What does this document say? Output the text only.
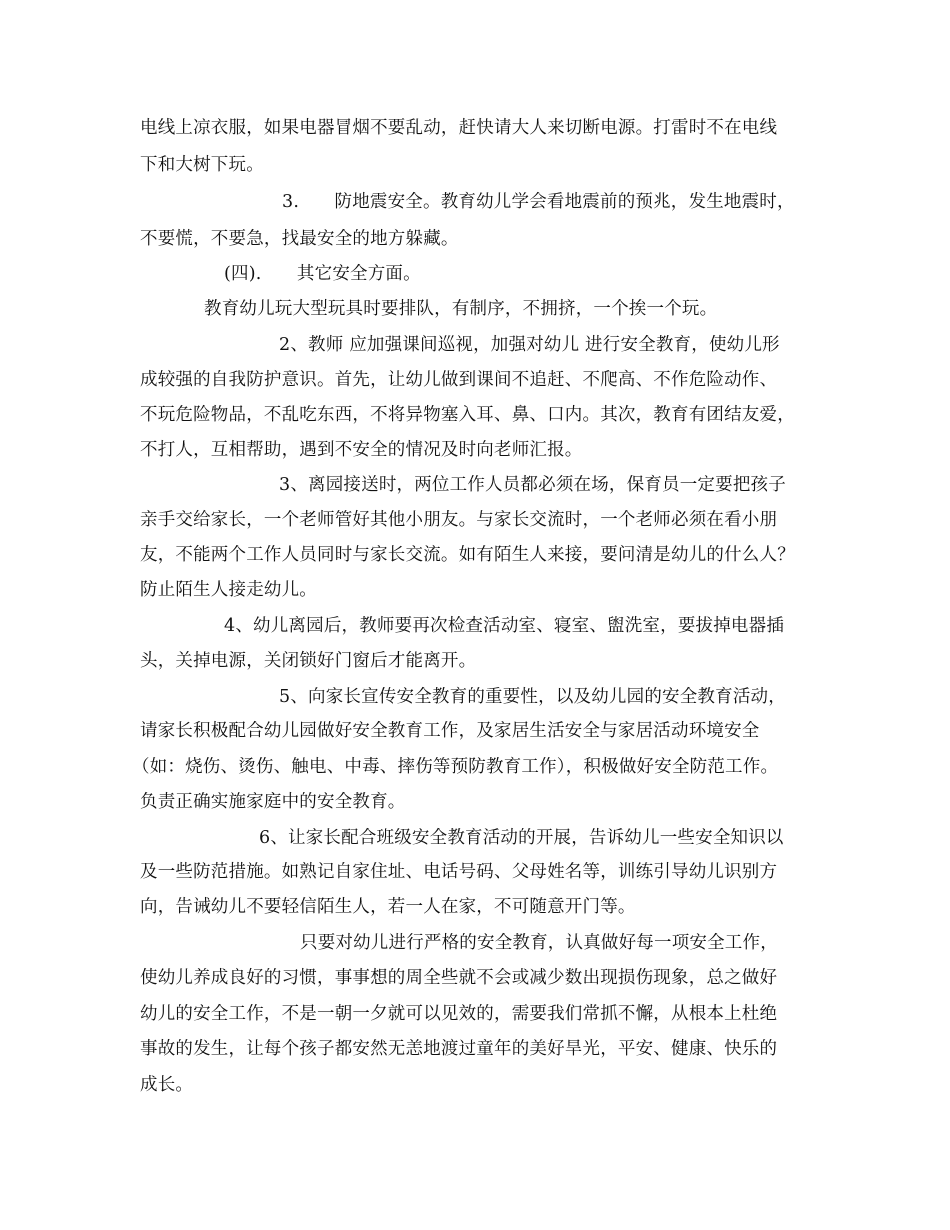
电线上凉衣服，如果电器冒烟不要乱动，赶快请大人来切断电源。打雷时不在电线
下和大树下玩。
3.　　防地震安全。教育幼儿学会看地震前的预兆，发生地震时，
不要慌，不要急，找最安全的地方躲藏。
(四).　　其它安全方面。
教育幼儿玩大型玩具时要排队，有制序，不拥挤，一个挨一个玩。
2、教师 应加强课间巡视，加强对幼儿 进行安全教育，使幼儿形
成较强的自我防护意识。首先，让幼儿做到课间不追赶、不爬高、不作危险动作、
不玩危险物品，不乱吃东西，不将异物塞入耳、鼻、口内。其次，教育有团结友爱，
不打人，互相帮助，遇到不安全的情况及时向老师汇报。
3、离园接送时，两位工作人员都必须在场，保育员一定要把孩子
亲手交给家长，一个老师管好其他小朋友。与家长交流时，一个老师必须在看小朋
友，不能两个工作人员同时与家长交流。如有陌生人来接，要问清是幼儿的什么人？
防止陌生人接走幼儿。
4、幼儿离园后，教师要再次检查活动室、寝室、盥洗室，要拔掉电器插
头，关掉电源，关闭锁好门窗后才能离开。
5、向家长宣传安全教育的重要性，以及幼儿园的安全教育活动，
请家长积极配合幼儿园做好安全教育工作，及家居生活安全与家居活动环境安全
（如：烧伤、烫伤、触电、中毒、摔伤等预防教育工作），积极做好安全防范工作。
负责正确实施家庭中的安全教育。
6、让家长配合班级安全教育活动的开展，告诉幼儿一些安全知识以
及一些防范措施。如熟记自家住址、电话号码、父母姓名等，训练引导幼儿识别方
向，告诫幼儿不要轻信陌生人，若一人在家，不可随意开门等。
只要对幼儿进行严格的安全教育，认真做好每一项安全工作，
使幼儿养成良好的习惯，事事想的周全些就不会或减少数出现损伤现象，总之做好
幼儿的安全工作，不是一朝一夕就可以见效的，需要我们常抓不懈，从根本上杜绝
事故的发生，让每个孩子都安然无恙地渡过童年的美好旱光，平安、健康、快乐的
成长。
